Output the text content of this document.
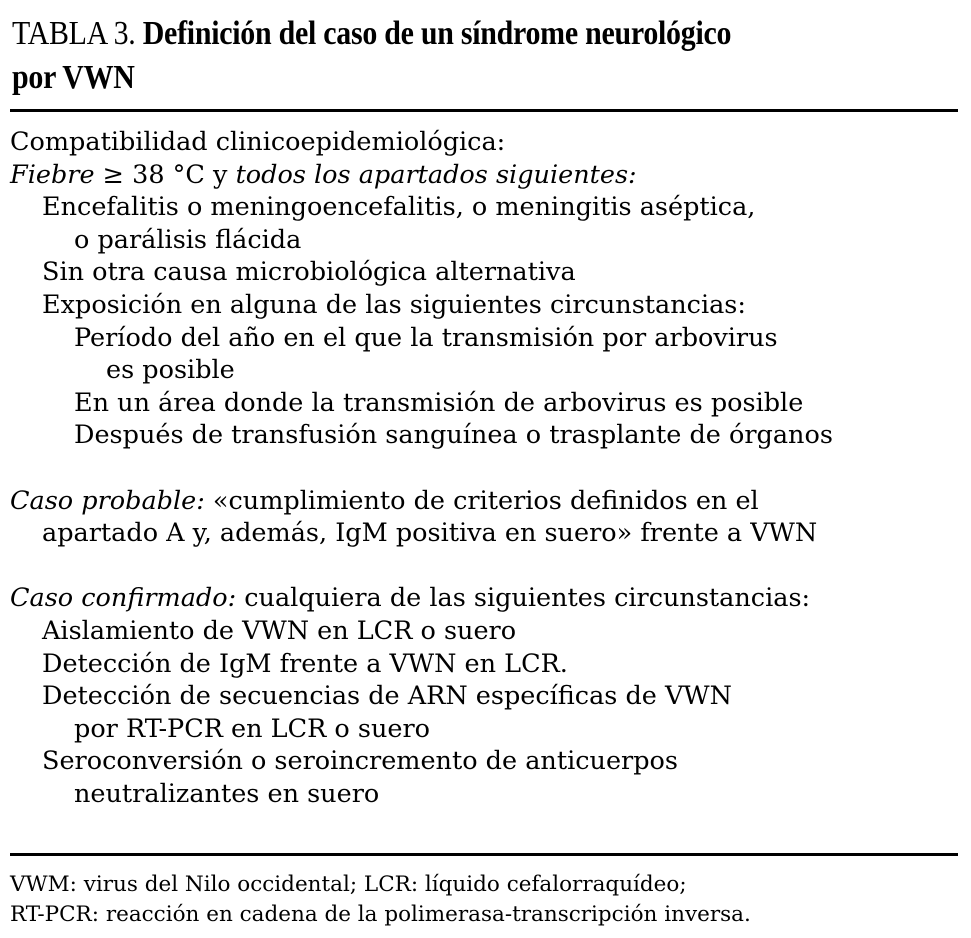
TABLA 3. Definición del caso de un síndrome neurológico
por VWN
Compatibilidad clinicoepidemiológica:
Fiebre ≥ 38 °C y todos los apartados siguientes:
Encefalitis o meningoencefalitis, o meningitis aséptica,
o parálisis flácida
Sin otra causa microbiológica alternativa
Exposición en alguna de las siguientes circunstancias:
Período del año en el que la transmisión por arbovirus
es posible
En un área donde la transmisión de arbovirus es posible
Después de transfusión sanguínea o trasplante de órganos
Caso probable: «cumplimiento de criterios definidos en el
apartado A y, además, IgM positiva en suero» frente a VWN
Caso confirmado: cualquiera de las siguientes circunstancias:
Aislamiento de VWN en LCR o suero
Detección de IgM frente a VWN en LCR.
Detección de secuencias de ARN específicas de VWN
por RT-PCR en LCR o suero
Seroconversión o seroincremento de anticuerpos
neutralizantes en suero
VWM: virus del Nilo occidental; LCR: líquido cefalorraquídeo;
RT-PCR: reacción en cadena de la polimerasa-transcripción inversa.
